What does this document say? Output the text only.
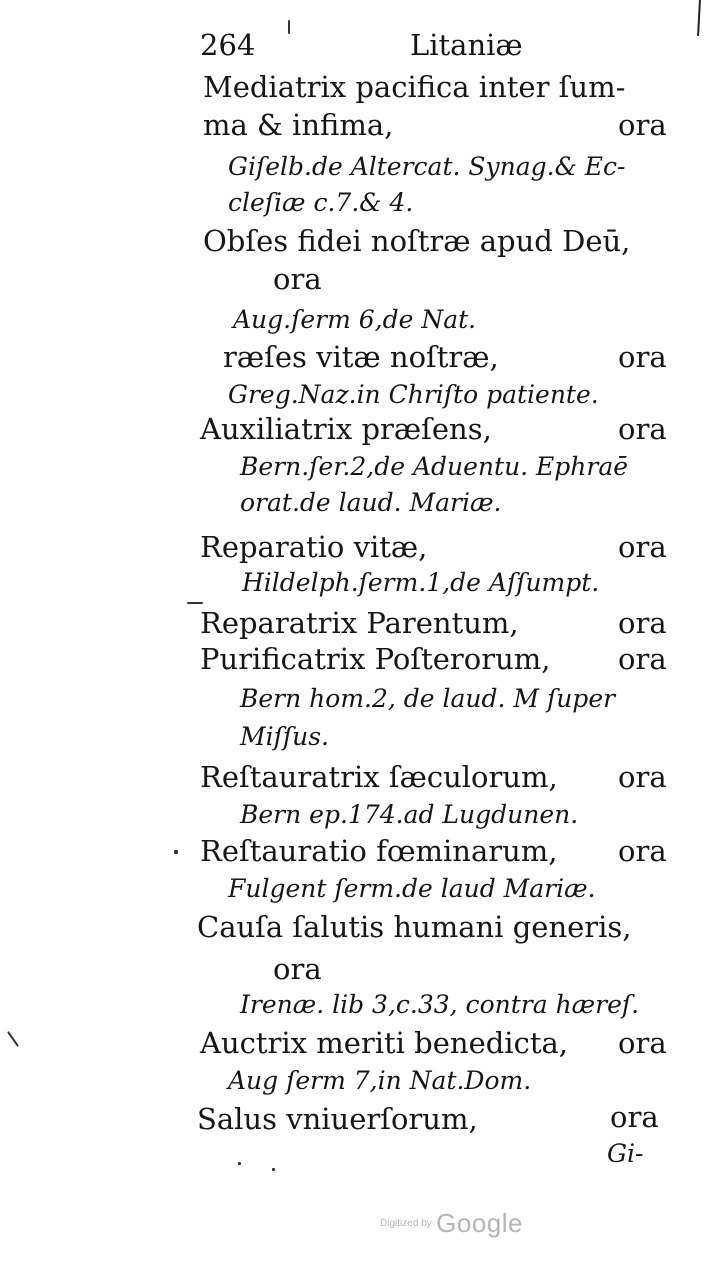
264	Litaniæ
Mediatrix pacifica inter ſum-
ma & infima,	ora
Giſelb.de Altercat. Synag.& Ec-
cleſiæ c.7.& 4.
Obſes fidei noſtræ apud Deū,
ora
Aug.ſerm 6,de Nat.
ræſes vitæ noſtræ,	ora
Greg.Naz.in Chriſto patiente.
Auxiliatrix præſens,	ora
Bern.ſer.2,de Aduentu. Ephraē
orat.de laud. Mariæ.
Reparatio vitæ,	ora
Hildelph.ſerm.1,de Aſſumpt.
Reparatrix Parentum,	ora
Purificatrix Poſterorum, ora
Bern hom.2, de laud. M ſuper
Miſſus.
Reſtauratrix ſæculorum, ora
Bern ep.174.ad Lugdunen.
Reſtauratio fœminarum, ora
Fulgent ſerm.de laud Mariæ.
Cauſa ſalutis humani generis,
ora
Irenæ. lib 3,c.33, contra hæreſ.
Auctrix meriti benedicta, ora
Aug ſerm 7,in Nat.Dom.
Salus vniuerſorum,	ora
Gi-
Digitized by Google
